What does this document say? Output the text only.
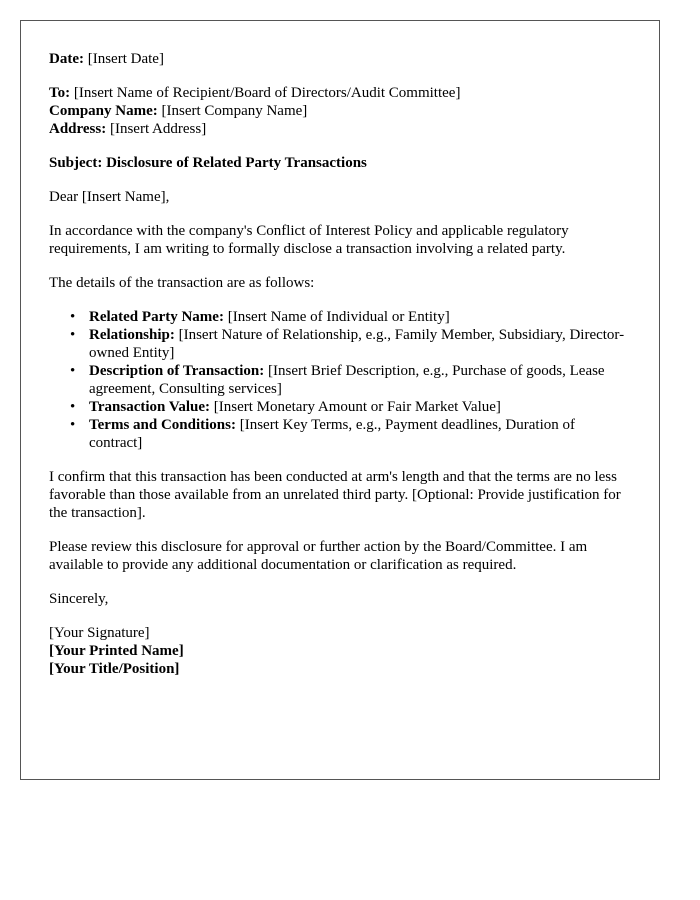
Date: [Insert Date]

To: [Insert Name of Recipient/Board of Directors/Audit Committee]

Company Name: [Insert Company Name]

Address: [Insert Address]

Subject: Disclosure of Related Party Transactions

Dear [Insert Name],

In accordance with the company's Conflict of Interest Policy and applicable regulatory requirements, I am writing to formally disclose a transaction involving a related party.

The details of the transaction are as follows:

• Related Party Name: [Insert Name of Individual or Entity]
• Relationship: [Insert Nature of Relationship, e.g., Family Member, Subsidiary, Director-owned Entity]
• Description of Transaction: [Insert Brief Description, e.g., Purchase of goods, Lease agreement, Consulting services]
• Transaction Value: [Insert Monetary Amount or Fair Market Value]
• Terms and Conditions: [Insert Key Terms, e.g., Payment deadlines, Duration of contract]

I confirm that this transaction has been conducted at arm's length and that the terms are no less favorable than those available from an unrelated third party. [Optional: Provide justification for the transaction].

Please review this disclosure for approval or further action by the Board/Committee. I am available to provide any additional documentation or clarification as required.

Sincerely,

[Your Signature]

[Your Printed Name]

[Your Title/Position]
